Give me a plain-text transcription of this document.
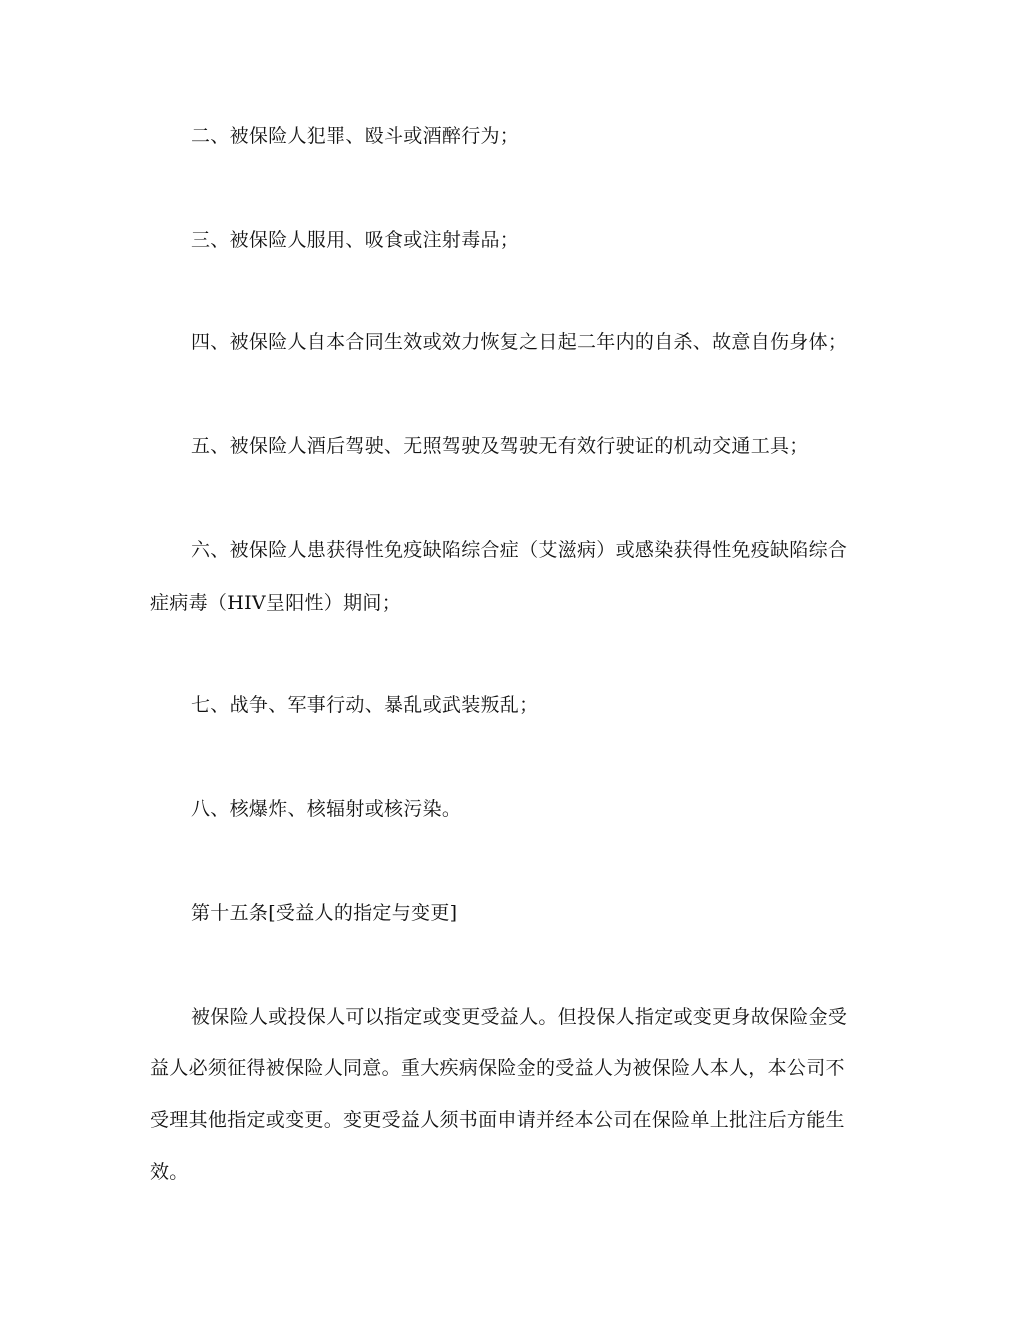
二、被保险人犯罪、殴斗或酒醉行为；
三、被保险人服用、吸食或注射毒品；
四、被保险人自本合同生效或效力恢复之日起二年内的自杀、故意自伤身体；
五、被保险人酒后驾驶、无照驾驶及驾驶无有效行驶证的机动交通工具；
六、被保险人患获得性免疫缺陷综合症（艾滋病）或感染获得性免疫缺陷综合
症病毒（HIV呈阳性）期间；
七、战争、军事行动、暴乱或武装叛乱；
八、核爆炸、核辐射或核污染。
第十五条[受益人的指定与变更]
被保险人或投保人可以指定或变更受益人。但投保人指定或变更身故保险金受
益人必须征得被保险人同意。重大疾病保险金的受益人为被保险人本人，本公司不
受理其他指定或变更。变更受益人须书面申请并经本公司在保险单上批注后方能生
效。
